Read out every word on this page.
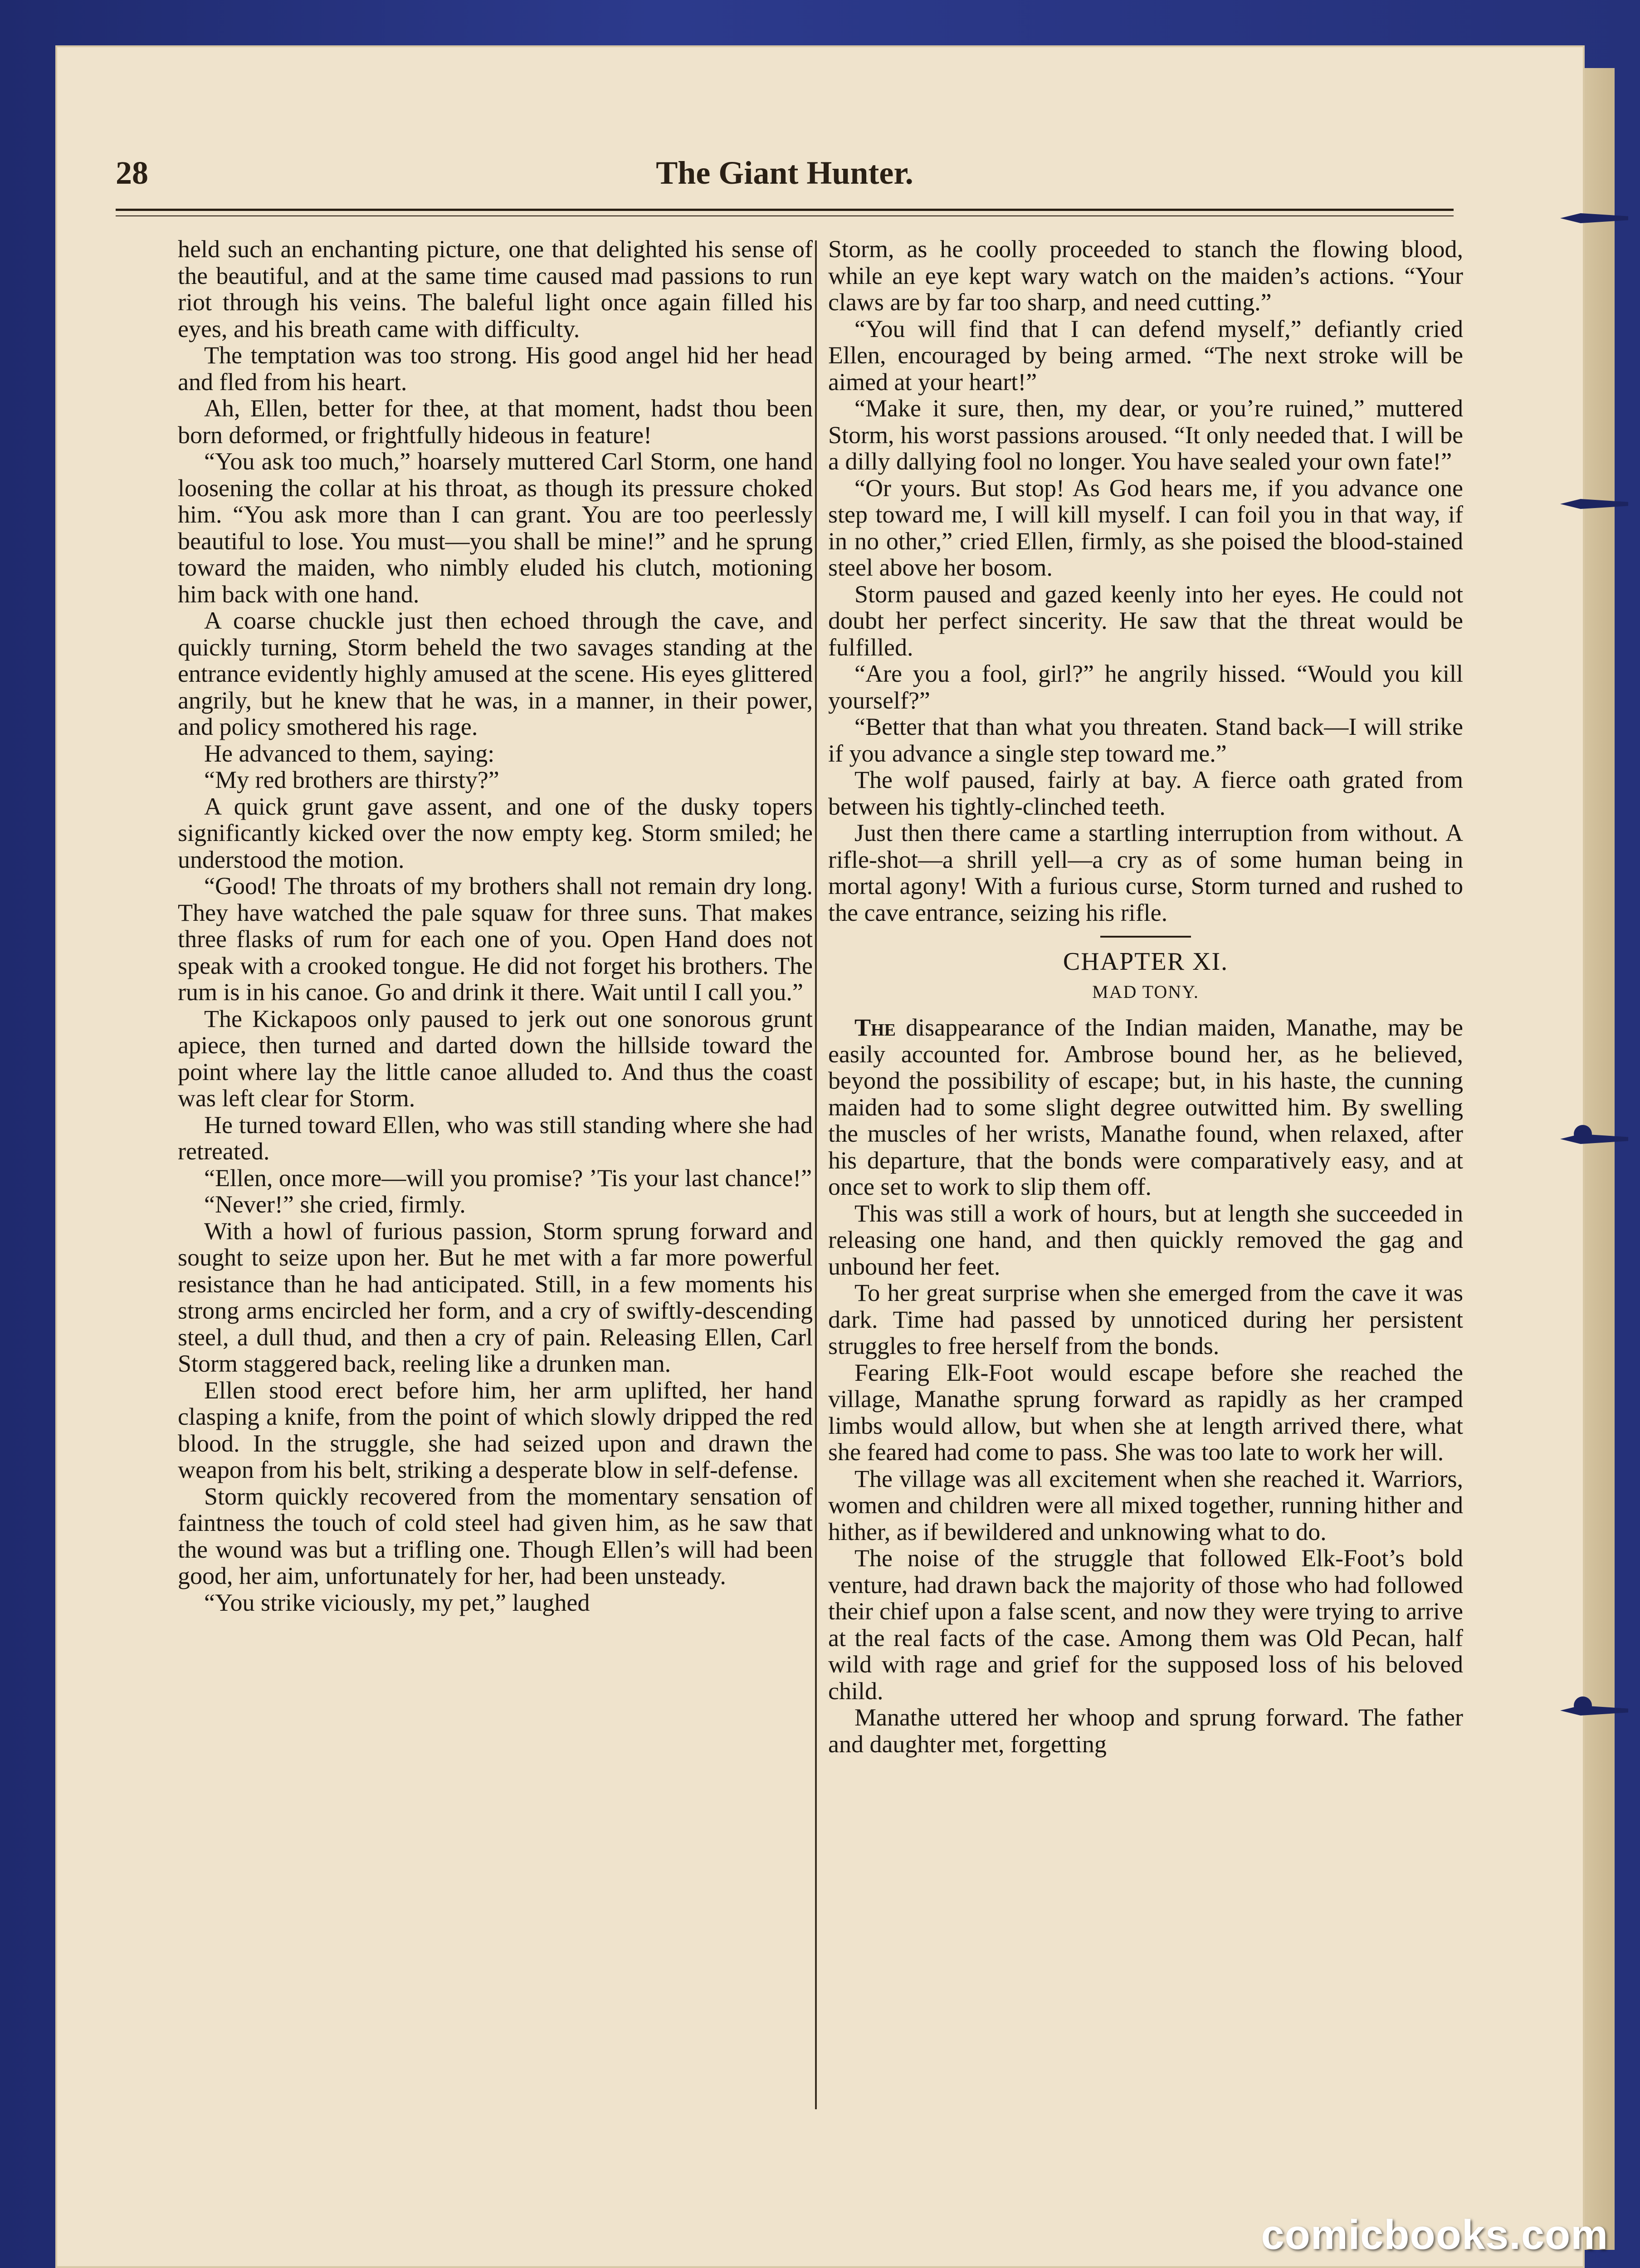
28	The Giant Hunter.

held such an enchanting picture, one that delighted his sense of the beautiful, and at the same time caused mad passions to run riot through his veins. The baleful light once again filled his eyes, and his breath came with difficulty.

The temptation was too strong. His good angel hid her head and fled from his heart.

Ah, Ellen, better for thee, at that moment, hadst thou been born deformed, or frightfully hideous in feature!

“You ask too much,” hoarsely muttered Carl Storm, one hand loosening the collar at his throat, as though its pressure choked him. “You ask more than I can grant. You are too peerlessly beautiful to lose. You must—you shall be mine!” and he sprung toward the maiden, who nimbly eluded his clutch, motioning him back with one hand.

A coarse chuckle just then echoed through the cave, and quickly turning, Storm beheld the two savages standing at the entrance evidently highly amused at the scene. His eyes glittered angrily, but he knew that he was, in a manner, in their power, and policy smothered his rage.

He advanced to them, saying:

“My red brothers are thirsty?”

A quick grunt gave assent, and one of the dusky topers significantly kicked over the now empty keg. Storm smiled; he understood the motion.

“Good! The throats of my brothers shall not remain dry long. They have watched the pale squaw for three suns. That makes three flasks of rum for each one of you. Open Hand does not speak with a crooked tongue. He did not forget his brothers. The rum is in his canoe. Go and drink it there. Wait until I call you.”

The Kickapoos only paused to jerk out one sonorous grunt apiece, then turned and darted down the hillside toward the point where lay the little canoe alluded to. And thus the coast was left clear for Storm.

He turned toward Ellen, who was still standing where she had retreated.

“Ellen, once more—will you promise? ’Tis your last chance!”

“Never!” she cried, firmly.

With a howl of furious passion, Storm sprung forward and sought to seize upon her. But he met with a far more powerful resistance than he had anticipated. Still, in a few moments his strong arms encircled her form, and a cry of swiftly-descending steel, a dull thud, and then a cry of pain. Releasing Ellen, Carl Storm staggered back, reeling like a drunken man.

Ellen stood erect before him, her arm uplifted, her hand clasping a knife, from the point of which slowly dripped the red blood. In the struggle, she had seized upon and drawn the weapon from his belt, striking a desperate blow in self-defense.

Storm quickly recovered from the momentary sensation of faintness the touch of cold steel had given him, as he saw that the wound was but a trifling one. Though Ellen’s will had been good, her aim, unfortunately for her, had been unsteady.

“You strike viciously, my pet,” laughed

Storm, as he coolly proceeded to stanch the flowing blood, while an eye kept wary watch on the maiden’s actions. “Your claws are by far too sharp, and need cutting.”

“You will find that I can defend myself,” defiantly cried Ellen, encouraged by being armed. “The next stroke will be aimed at your heart!”

“Make it sure, then, my dear, or you’re ruined,” muttered Storm, his worst passions aroused. “It only needed that. I will be a dilly dallying fool no longer. You have sealed your own fate!”

“Or yours. But stop! As God hears me, if you advance one step toward me, I will kill myself. I can foil you in that way, if in no other,” cried Ellen, firmly, as she poised the blood-stained steel above her bosom.

Storm paused and gazed keenly into her eyes. He could not doubt her perfect sincerity. He saw that the threat would be fulfilled.

“Are you a fool, girl?” he angrily hissed. “Would you kill yourself?”

“Better that than what you threaten. Stand back—I will strike if you advance a single step toward me.”

The wolf paused, fairly at bay. A fierce oath grated from between his tightly-clinched teeth.

Just then there came a startling interruption from without. A rifle-shot—a shrill yell—a cry as of some human being in mortal agony! With a furious curse, Storm turned and rushed to the cave entrance, seizing his rifle.

CHAPTER XI.
MAD TONY.

The disappearance of the Indian maiden, Manathe, may be easily accounted for. Ambrose bound her, as he believed, beyond the possibility of escape; but, in his haste, the cunning maiden had to some slight degree outwitted him. By swelling the muscles of her wrists, Manathe found, when relaxed, after his departure, that the bonds were comparatively easy, and at once set to work to slip them off.

This was still a work of hours, but at length she succeeded in releasing one hand, and then quickly removed the gag and unbound her feet.

To her great surprise when she emerged from the cave it was dark. Time had passed by unnoticed during her persistent struggles to free herself from the bonds.

Fearing Elk-Foot would escape before she reached the village, Manathe sprung forward as rapidly as her cramped limbs would allow, but when she at length arrived there, what she feared had come to pass. She was too late to work her will.

The village was all excitement when she reached it. Warriors, women and children were all mixed together, running hither and hither, as if bewildered and unknowing what to do.

The noise of the struggle that followed Elk-Foot’s bold venture, had drawn back the majority of those who had followed their chief upon a false scent, and now they were trying to arrive at the real facts of the case. Among them was Old Pecan, half wild with rage and grief for the supposed loss of his beloved child.

Manathe uttered her whoop and sprung forward. The father and daughter met, forgetting

comicbooks.com
